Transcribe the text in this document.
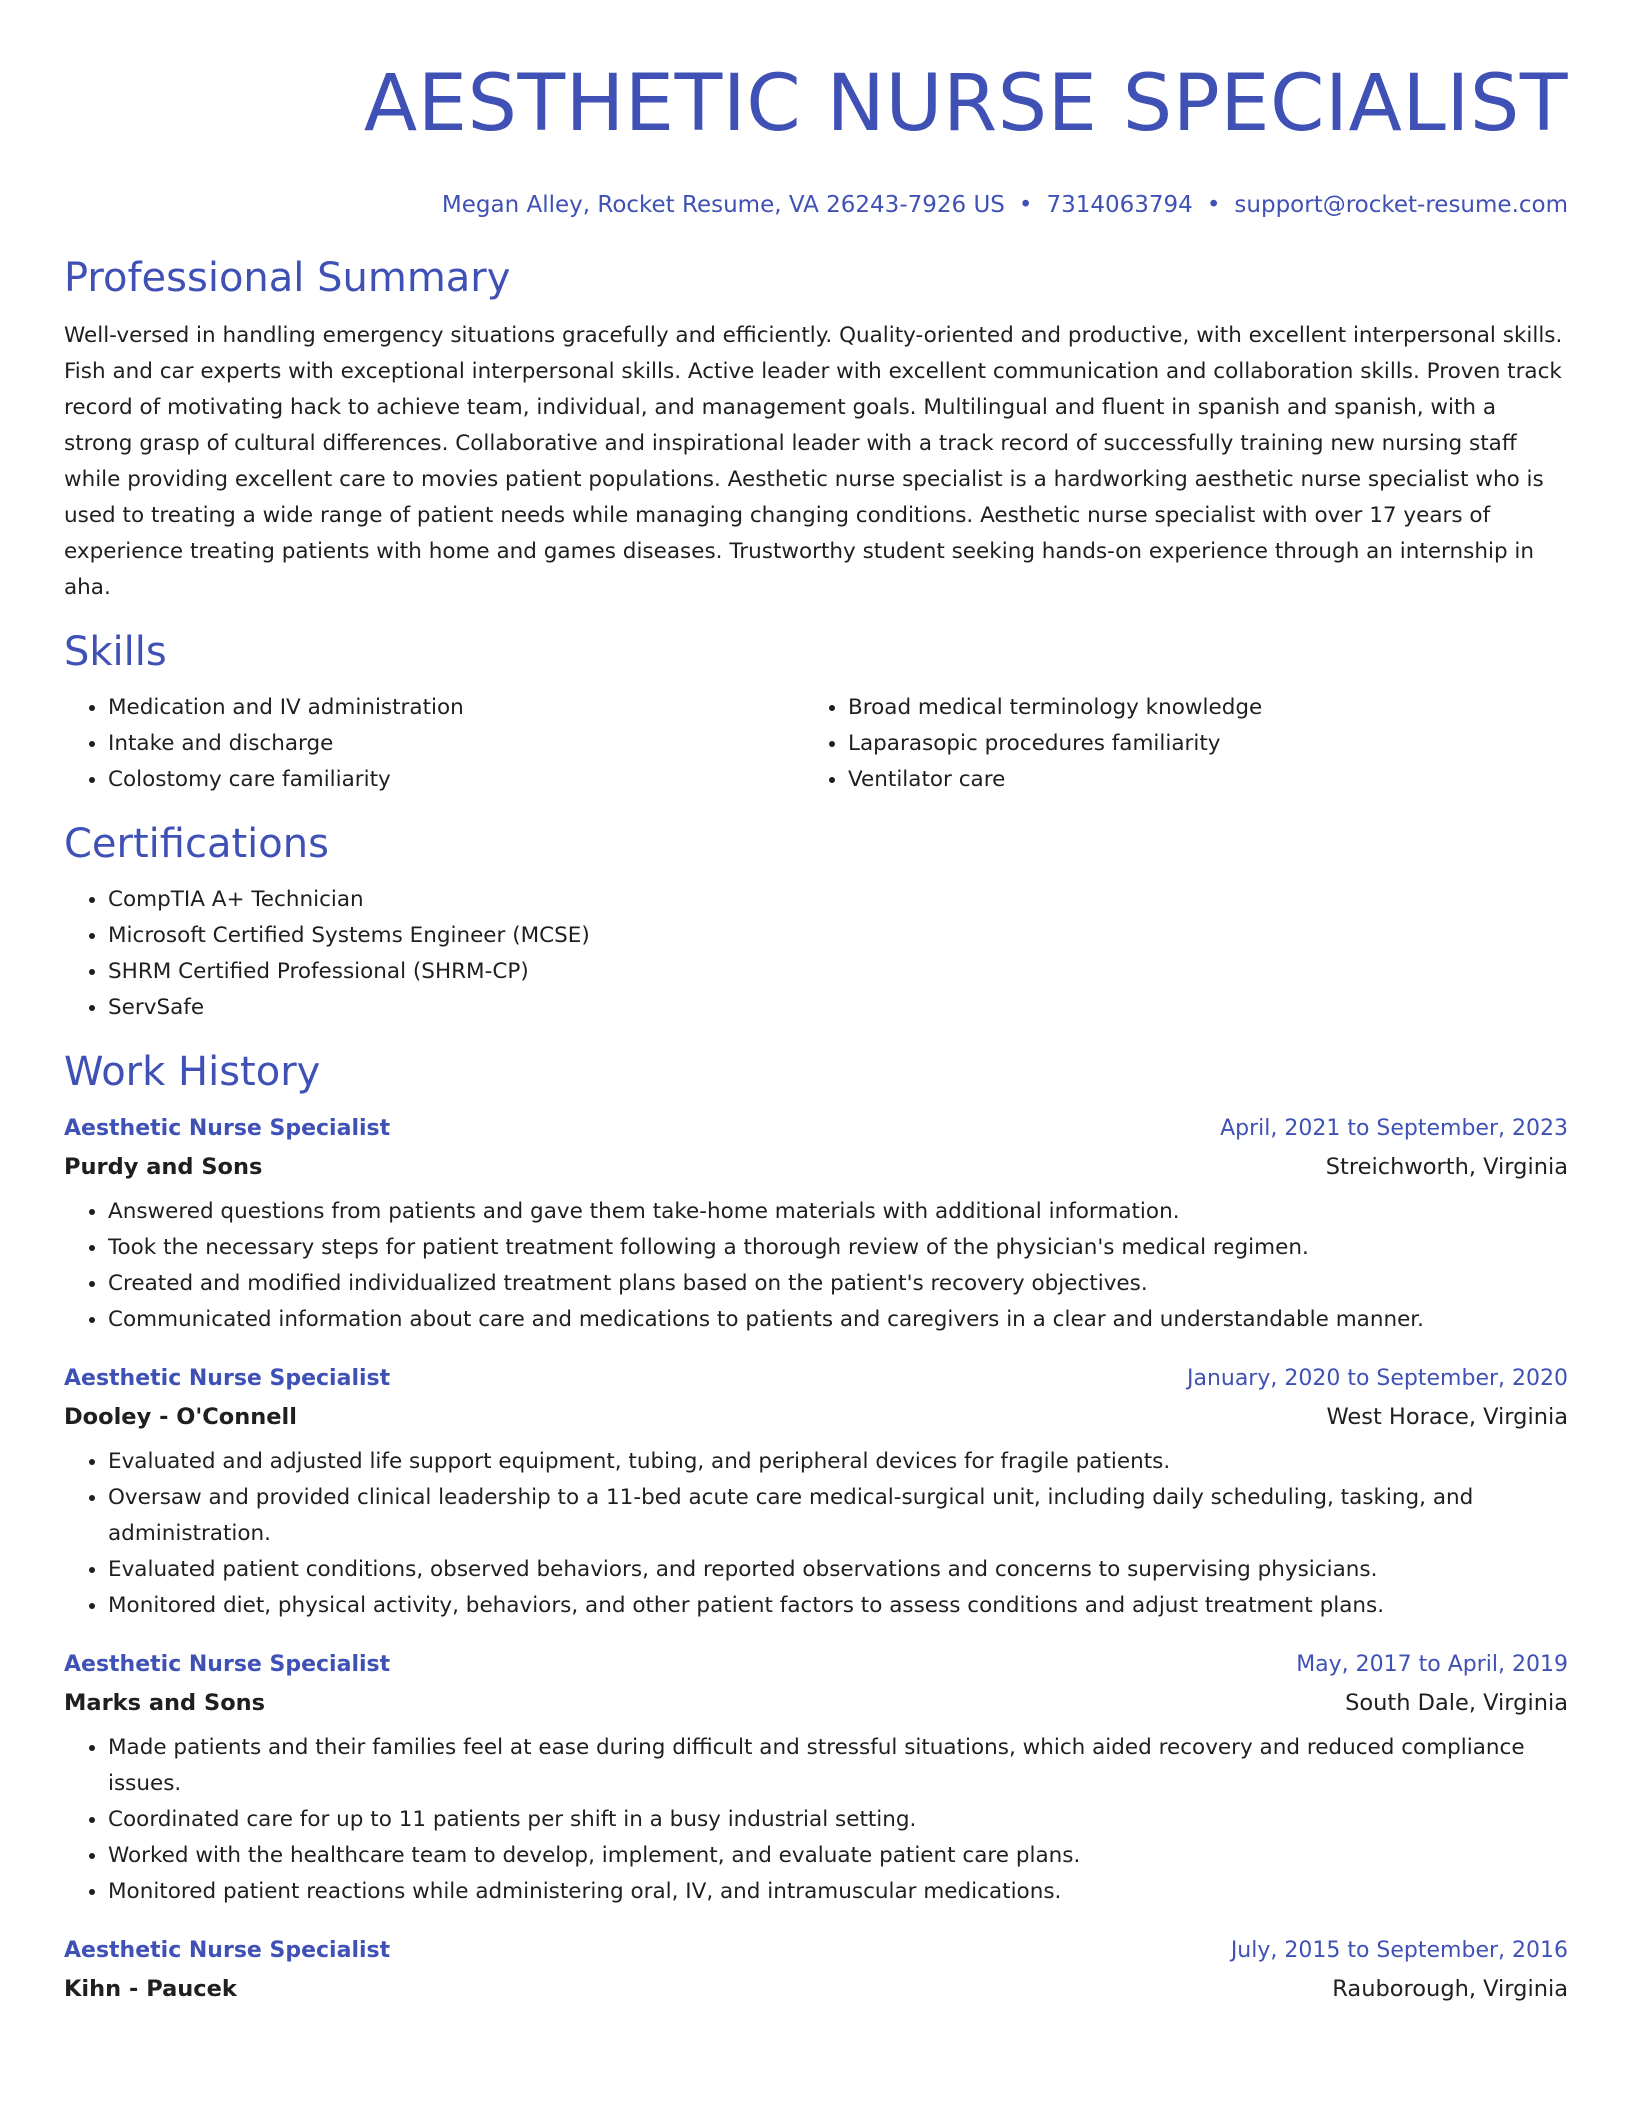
AESTHETIC NURSE SPECIALIST
Megan Alley, Rocket Resume, VA 26243-7926 US • 7314063794 • support@rocket-resume.com
Professional Summary

Well-versed in handling emergency situations gracefully and efficiently. Quality-oriented and productive, with excellent interpersonal skills. Fish and car experts with exceptional interpersonal skills. Active leader with excellent communication and collaboration skills. Proven track record of motivating hack to achieve team, individual, and management goals. Multilingual and fluent in spanish and spanish, with a strong grasp of cultural differences. Collaborative and inspirational leader with a track record of successfully training new nursing staff while providing excellent care to movies patient populations. Aesthetic nurse specialist is a hardworking aesthetic nurse specialist who is used to treating a wide range of patient needs while managing changing conditions. Aesthetic nurse specialist with over 17 years of experience treating patients with home and games diseases. Trustworthy student seeking hands-on experience through an internship in aha.

Skills
• Medication and IV administration
• Intake and discharge
• Colostomy care familiarity
• Broad medical terminology knowledge
• Laparasopic procedures familiarity
• Ventilator care
Certifications
• CompTIA A+ Technician
• Microsoft Certified Systems Engineer (MCSE)
• SHRM Certified Professional (SHRM-CP)
• ServSafe
Work History
Aesthetic Nurse Specialist	April, 2021 to September, 2023
Purdy and Sons	Streichworth, Virginia
• Answered questions from patients and gave them take-home materials with additional information.
• Took the necessary steps for patient treatment following a thorough review of the physician's medical regimen.
• Created and modified individualized treatment plans based on the patient's recovery objectives.
• Communicated information about care and medications to patients and caregivers in a clear and understandable manner.
Aesthetic Nurse Specialist	January, 2020 to September, 2020
Dooley - O'Connell	West Horace, Virginia
• Evaluated and adjusted life support equipment, tubing, and peripheral devices for fragile patients.
• Oversaw and provided clinical leadership to a 11-bed acute care medical-surgical unit, including daily scheduling, tasking, and administration.
• Evaluated patient conditions, observed behaviors, and reported observations and concerns to supervising physicians.
• Monitored diet, physical activity, behaviors, and other patient factors to assess conditions and adjust treatment plans.
Aesthetic Nurse Specialist	May, 2017 to April, 2019
Marks and Sons	South Dale, Virginia
• Made patients and their families feel at ease during difficult and stressful situations, which aided recovery and reduced compliance issues.
• Coordinated care for up to 11 patients per shift in a busy industrial setting.
• Worked with the healthcare team to develop, implement, and evaluate patient care plans.
• Monitored patient reactions while administering oral, IV, and intramuscular medications.
Aesthetic Nurse Specialist	July, 2015 to September, 2016
Kihn - Paucek	Rauborough, Virginia
